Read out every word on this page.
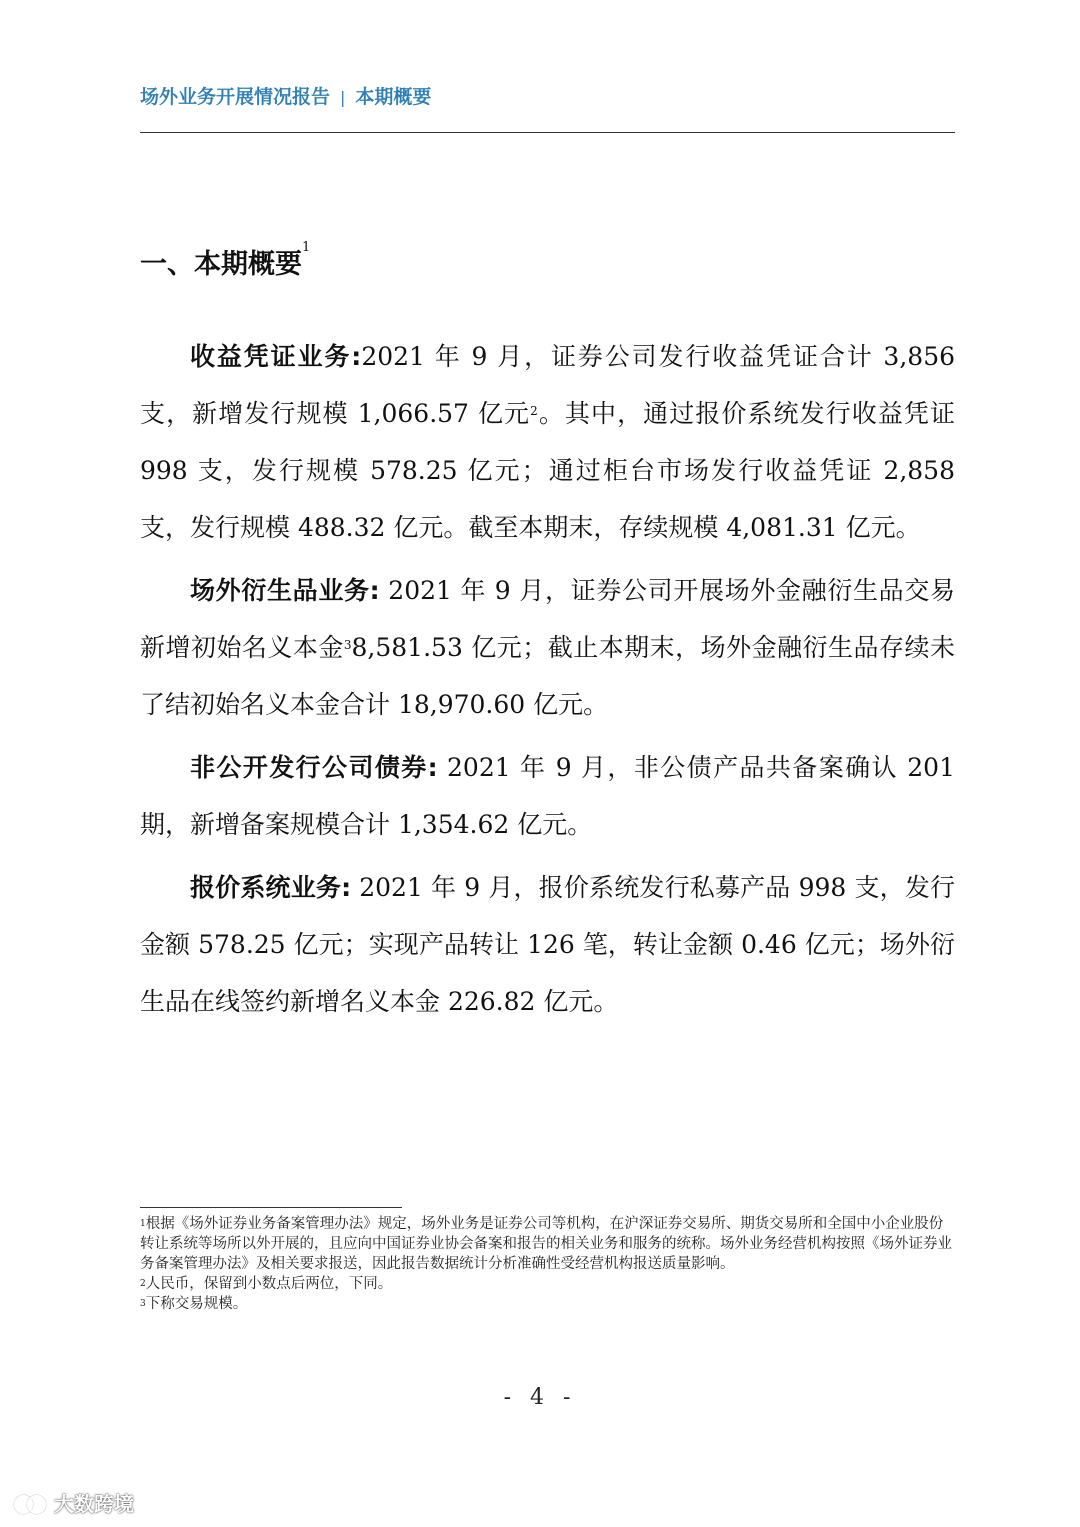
场外业务开展情况报告 | 本期概要
一、本期概要$^1$

收益凭证业务:2021 年 9 月，证券公司发行收益凭证合计 3,856 支，新增发行规模 1,066.57 亿元$^2$。其中，通过报价系统发行收益凭证 998 支，发行规模 578.25 亿元；通过柜台市场发行收益凭证 2,858 支，发行规模 488.32 亿元。截至本期末，存续规模 4,081.31 亿元。

场外衍生品业务: 2021 年 9 月，证券公司开展场外金融衍生品交易新增初始名义本金$^3$8,581.53 亿元；截止本期末，场外金融衍生品存续未了结初始名义本金合计 18,970.60 亿元。

非公开发行公司债券: 2021 年 9 月，非公债产品共备案确认 201 期，新增备案规模合计 1,354.62 亿元。

报价系统业务: 2021 年 9 月，报价系统发行私募产品 998 支，发行金额 578.25 亿元；实现产品转让 126 笔，转让金额 0.46 亿元；场外衍生品在线签约新增名义本金 226.82 亿元。

$^1$根据《场外证券业务备案管理办法》规定，场外业务是证券公司等机构，在沪深证券交易所、期货交易所和全国中小企业股份转让系统等场所以外开展的，且应向中国证券业协会备案和报告的相关业务和服务的统称。场外业务经营机构按照《场外证券业务备案管理办法》及相关要求报送，因此报告数据统计分析准确性受经营机构报送质量影响。

$^2$人民币，保留到小数点后两位，下同。

$^3$下称交易规模。

- 4 -
大数跨境
